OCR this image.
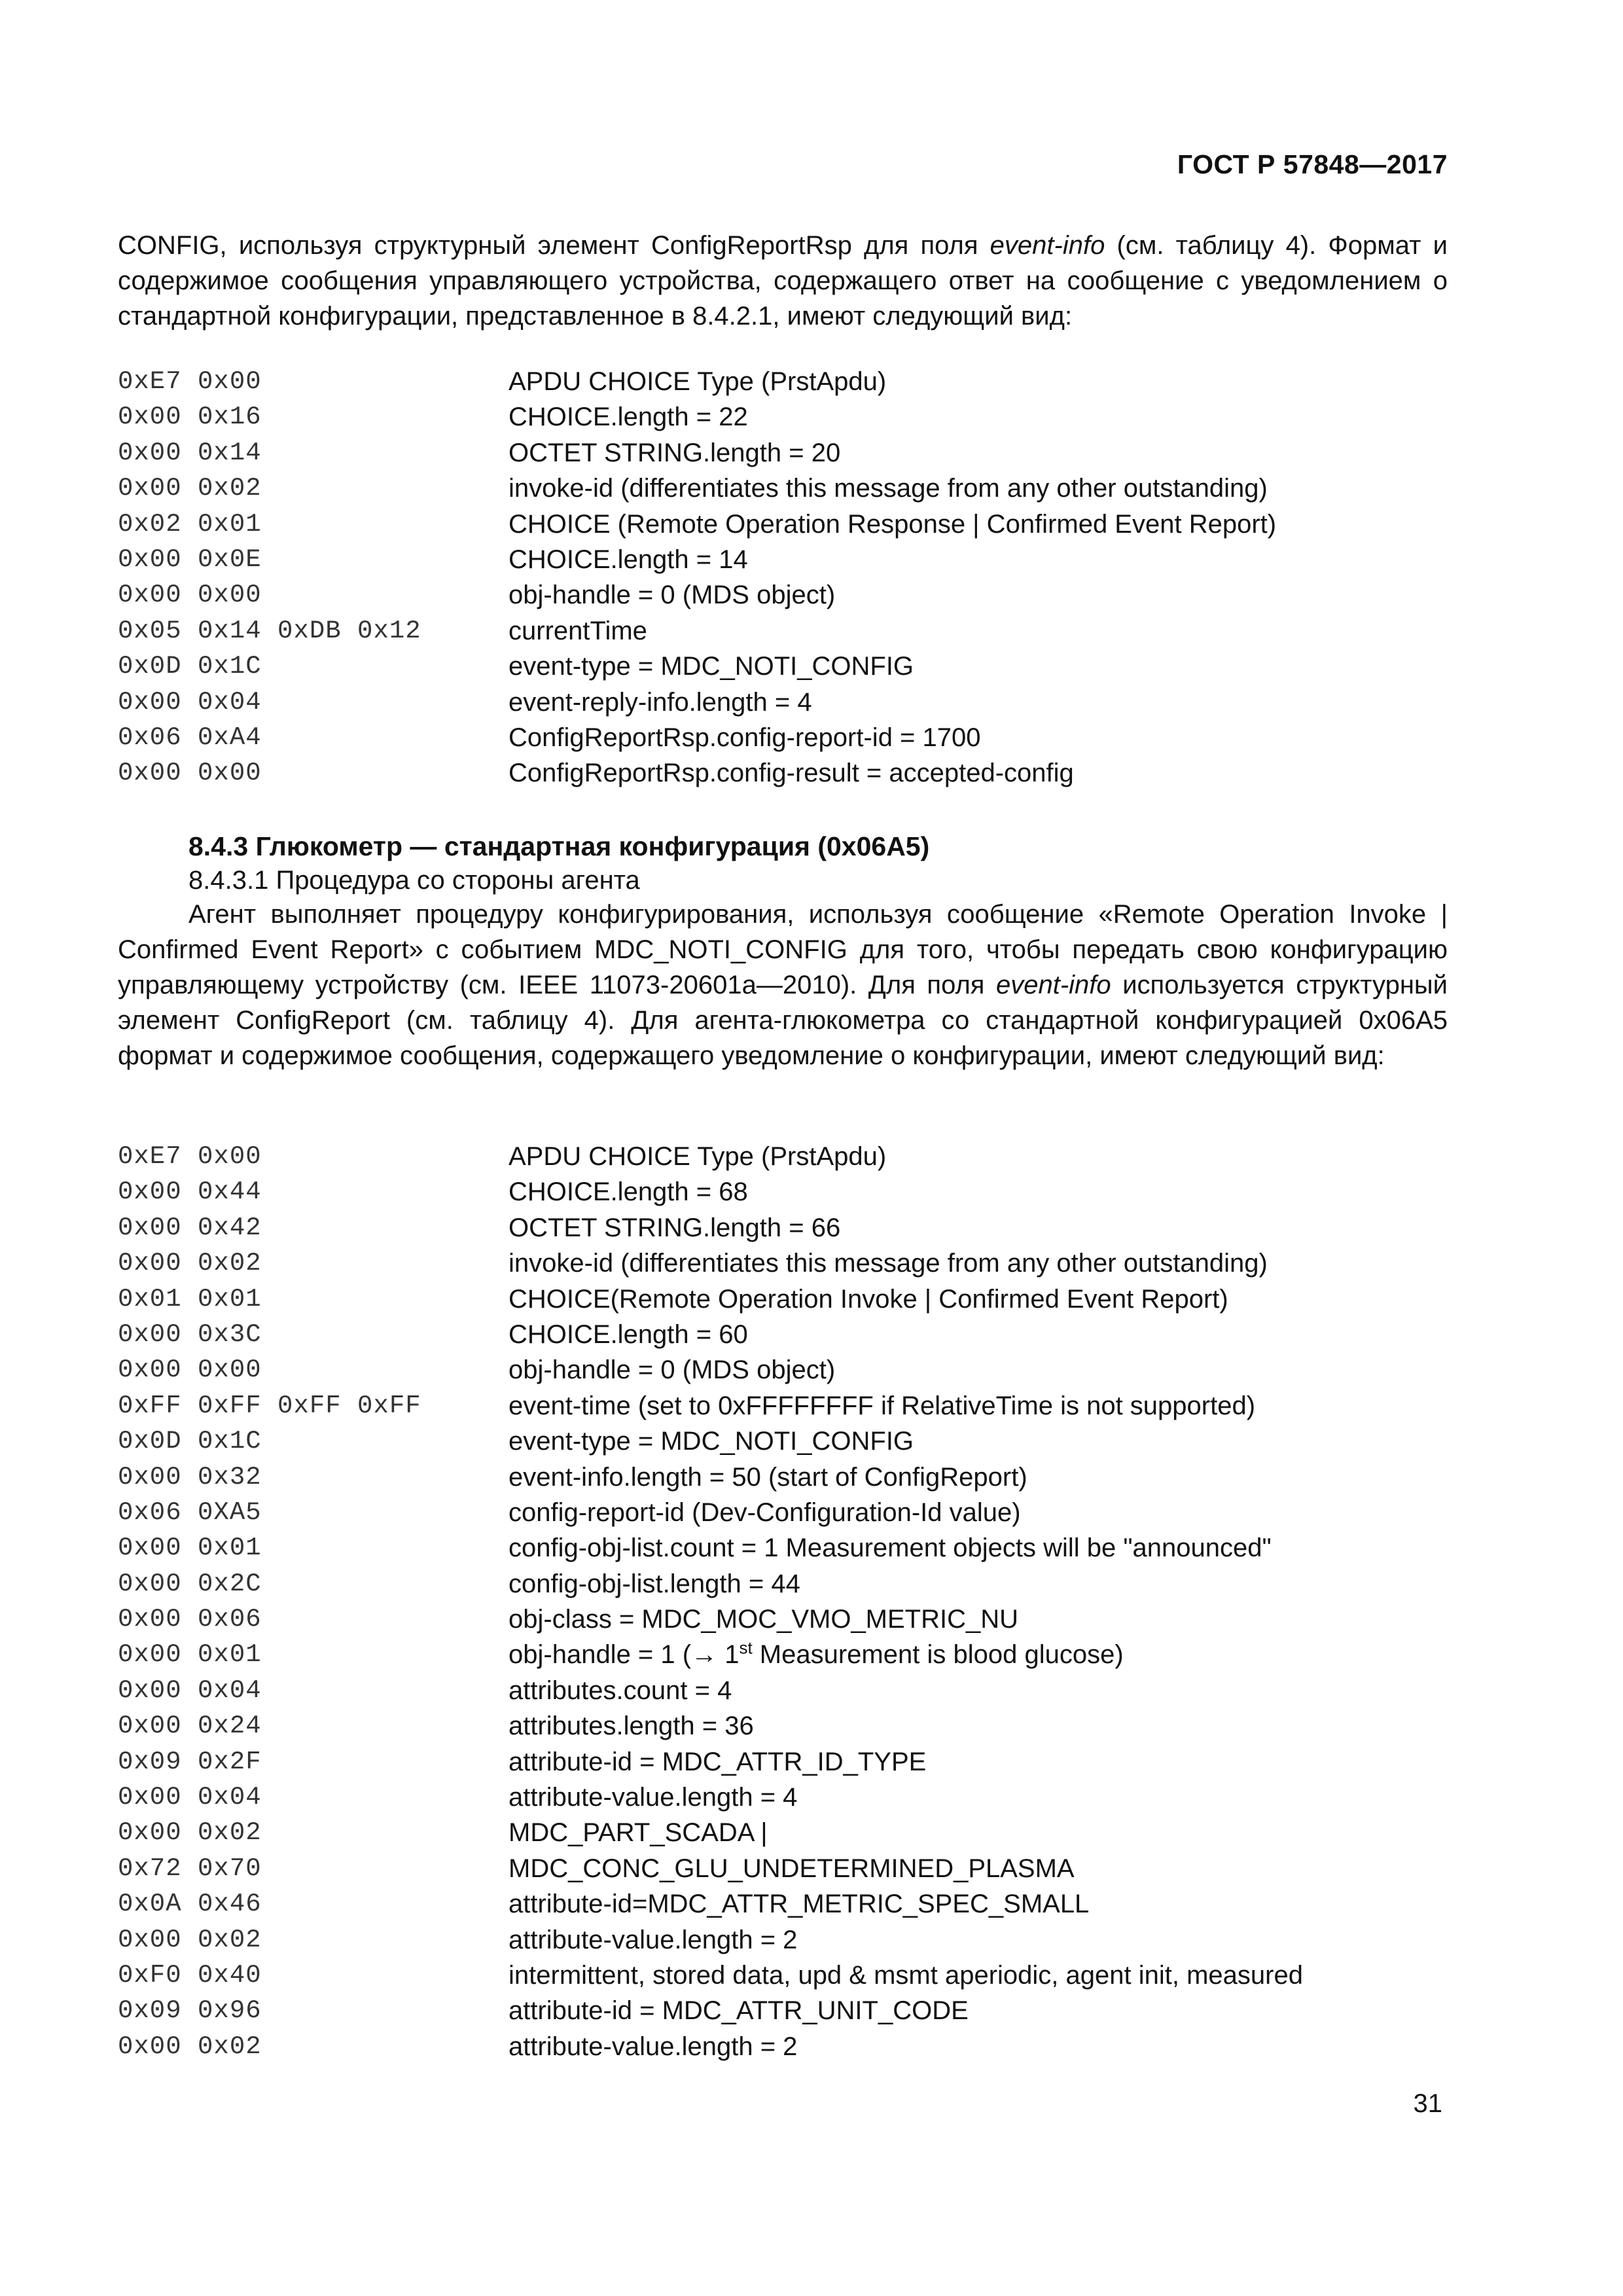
ГОСТ Р 57848—2017

CONFIG, используя структурный элемент ConfigReportRsp для поля event-info (см. таблицу 4). Формат и содержимое сообщения управляющего устройства, содержащего ответ на сообщение с уведомлением о стандартной конфигурации, представленное в 8.4.2.1, имеют следующий вид:

0xE7 0x00	APDU CHOICE Type (PrstApdu)
0x00 0x16	CHOICE.length = 22
0x00 0x14	OCTET STRING.length = 20
0x00 0x02	invoke-id (differentiates this message from any other outstanding)
0x02 0x01	CHOICE (Remote Operation Response | Confirmed Event Report)
0x00 0x0E	CHOICE.length = 14
0x00 0x00	obj-handle = 0 (MDS object)
0x05 0x14 0xDB 0x12	currentTime
0x0D 0x1C	event-type = MDC_NOTI_CONFIG
0x00 0x04	event-reply-info.length = 4
0x06 0xA4	ConfigReportRsp.config-report-id = 1700
0x00 0x00	ConfigReportRsp.config-result = accepted-config
8.4.3 Глюкометр — стандартная конфигурация (0x06A5)
8.4.3.1 Процедура со стороны агента

Агент выполняет процедуру конфигурирования, используя сообщение «Remote Operation Invoke | Confirmed Event Report» с событием MDC_NOTI_CONFIG для того, чтобы передать свою конфигурацию управляющему устройству (см. IEEE 11073-20601a—2010). Для поля event-info используется структурный элемент ConfigReport (см. таблицу 4). Для агента-глюкометра со стандартной конфигурацией 0x06A5 формат и содержимое сообщения, содержащего уведомление о конфигурации, имеют следующий вид:

0xE7 0x00	APDU CHOICE Type (PrstApdu)
0x00 0x44	CHOICE.length = 68
0x00 0x42	OCTET STRING.length = 66
0x00 0x02	invoke-id (differentiates this message from any other outstanding)
0x01 0x01	CHOICE(Remote Operation Invoke | Confirmed Event Report)
0x00 0x3C	CHOICE.length = 60
0x00 0x00	obj-handle = 0 (MDS object)
0xFF 0xFF 0xFF 0xFF	event-time (set to 0xFFFFFFFF if RelativeTime is not supported)
0x0D 0x1C	event-type = MDC_NOTI_CONFIG
0x00 0x32	event-info.length = 50 (start of ConfigReport)
0x06 0XA5	config-report-id (Dev-Configuration-Id value)
0x00 0x01	config-obj-list.count = 1 Measurement objects will be "announced"
0x00 0x2C	config-obj-list.length = 44
0x00 0x06	obj-class = MDC_MOC_VMO_METRIC_NU
0x00 0x01	obj-handle = 1 (→ 1st Measurement is blood glucose)
0x00 0x04	attributes.count = 4
0x00 0x24	attributes.length = 36
0x09 0x2F	attribute-id = MDC_ATTR_ID_TYPE
0x00 0x04	attribute-value.length = 4
0x00 0x02	MDC_PART_SCADA |
0x72 0x70	MDC_CONC_GLU_UNDETERMINED_PLASMA
0x0A 0x46	attribute-id=MDC_ATTR_METRIC_SPEC_SMALL
0x00 0x02	attribute-value.length = 2
0xF0 0x40	intermittent, stored data, upd & msmt aperiodic, agent init, measured
0x09 0x96	attribute-id = MDC_ATTR_UNIT_CODE
0x00 0x02	attribute-value.length = 2
31
